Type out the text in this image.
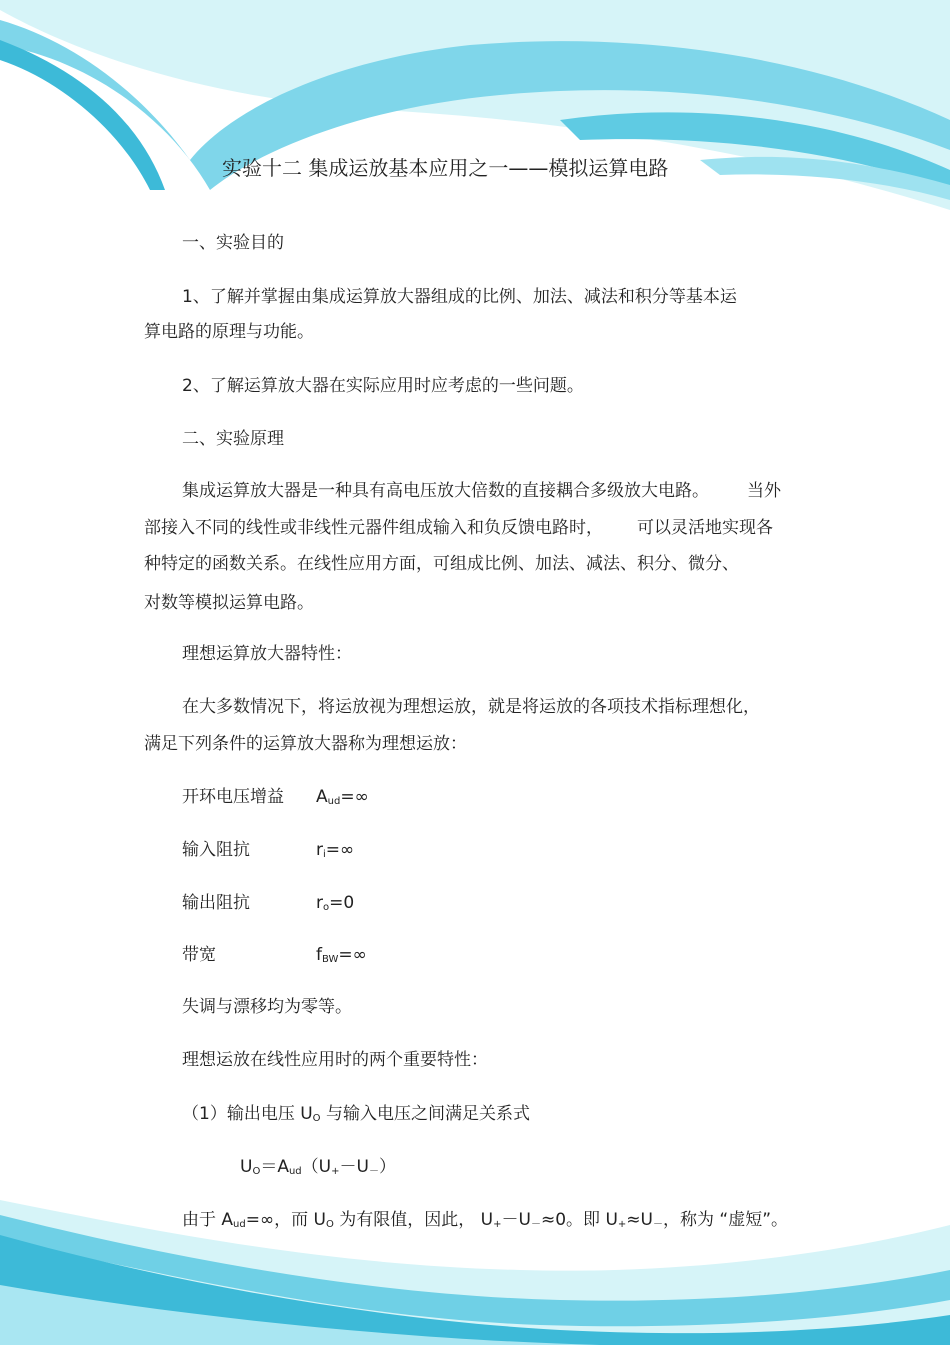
实验十二 集成运放基本应用之一——模拟运算电路
一、实验目的
1、了解并掌握由集成运算放大器组成的比例、加法、减法和积分等基本运
算电路的原理与功能。
2、了解运算放大器在实际应用时应考虑的一些问题。
二、实验原理
集成运算放大器是一种具有高电压放大倍数的直接耦合多级放大电路。 当外
部接入不同的线性或非线性元器件组成输入和负反馈电路时， 可以灵活地实现各
种特定的函数关系。在线性应用方面，可组成比例、加法、减法、积分、微分、
对数等模拟运算电路。
理想运算放大器特性：
在大多数情况下，将运放视为理想运放，就是将运放的各项技术指标理想化，
满足下列条件的运算放大器称为理想运放：
开环电压增益 Aud=∞
输入阻抗	ri=∞
输出阻抗	ro=0
带宽	fBW=∞
失调与漂移均为零等。
理想运放在线性应用时的两个重要特性：
（1）输出电压 UO 与输入电压之间满足关系式
UO＝Aud（U+－U－）
由于 Aud=∞，而 UO 为有限值，因此， U+－U－≈0。即 U+≈U－，称为 “虚短”。
